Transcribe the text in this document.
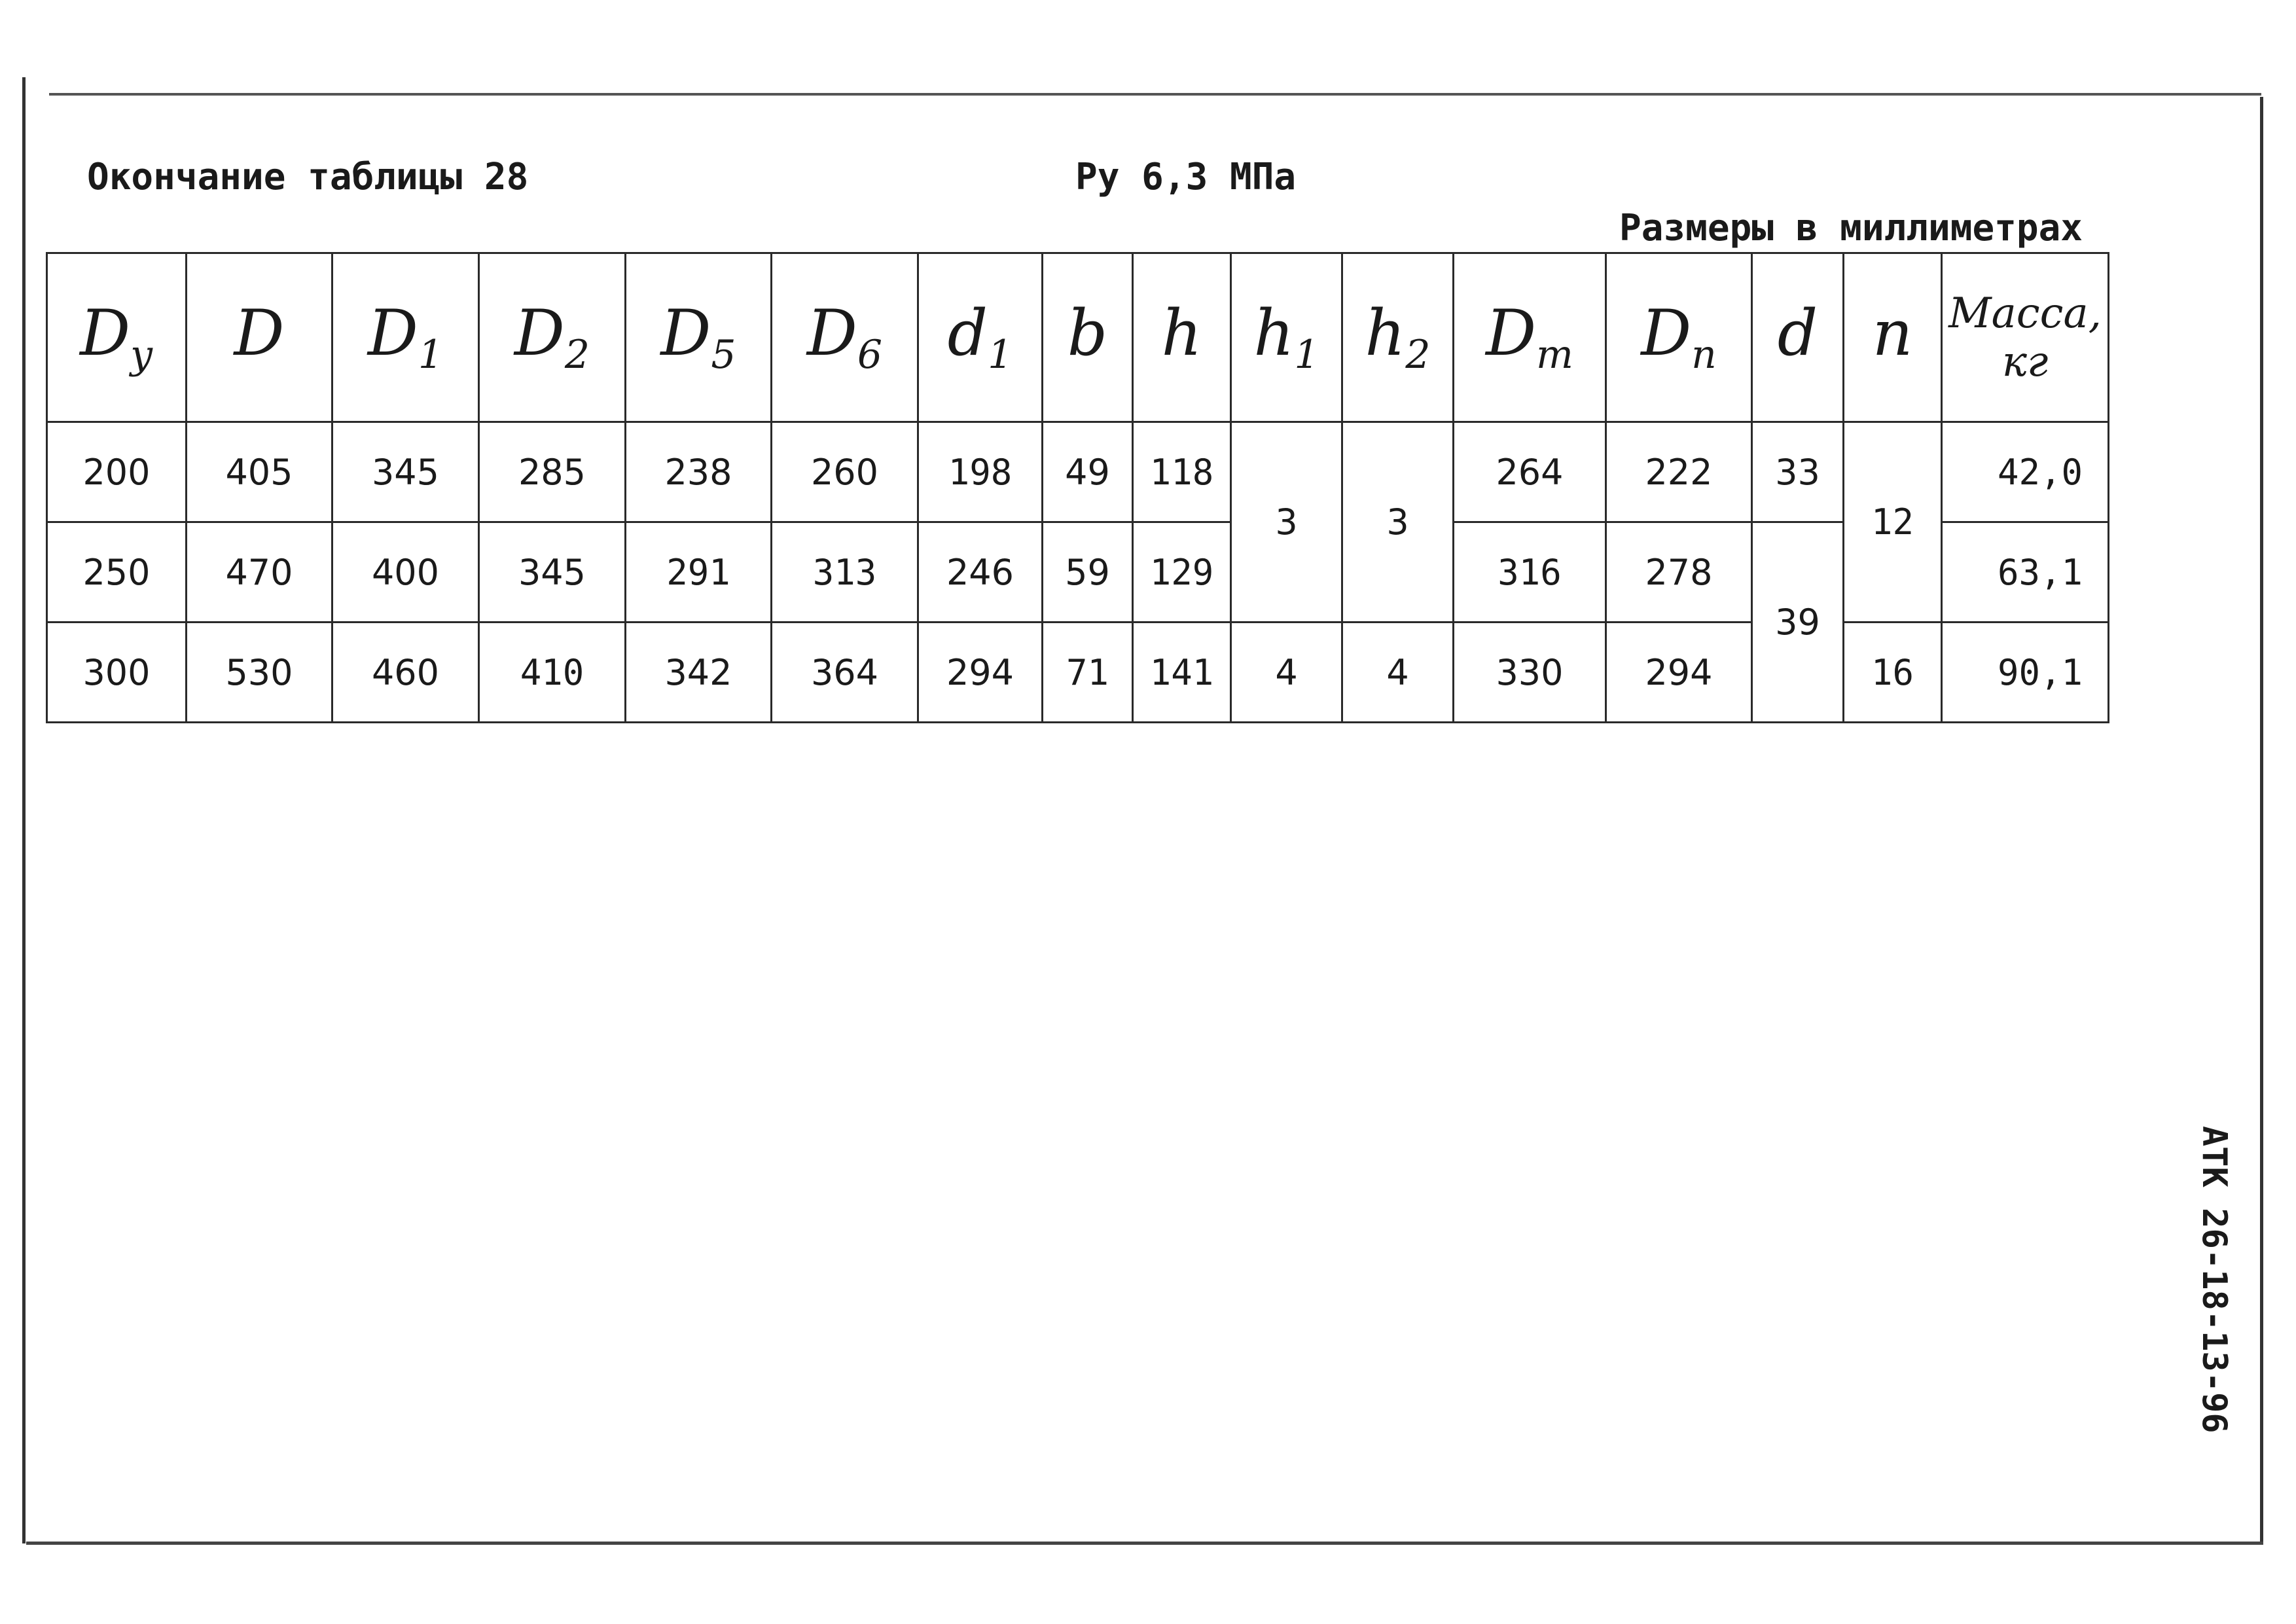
Окончание таблицы 28	Ру 6,3 МПа
Размеры в миллиметрах
АТК 26-18-13-96
$D_у$	D	$D_1$	$D_2$	$D_5$	$D_6$	$d_1$	b	h	$h_1$	$h_2$	$D_m$	$D_n$	d	n	Масса,
кг
200	405	345	285	238	260	198	49	118	3	3	264	222	33	12	42,0
250	470	400	345	291	313	246	59	129			316	278	39		63,1
300	530	460	410	342	364	294	71	141	4	4	330	294		16	90,1
